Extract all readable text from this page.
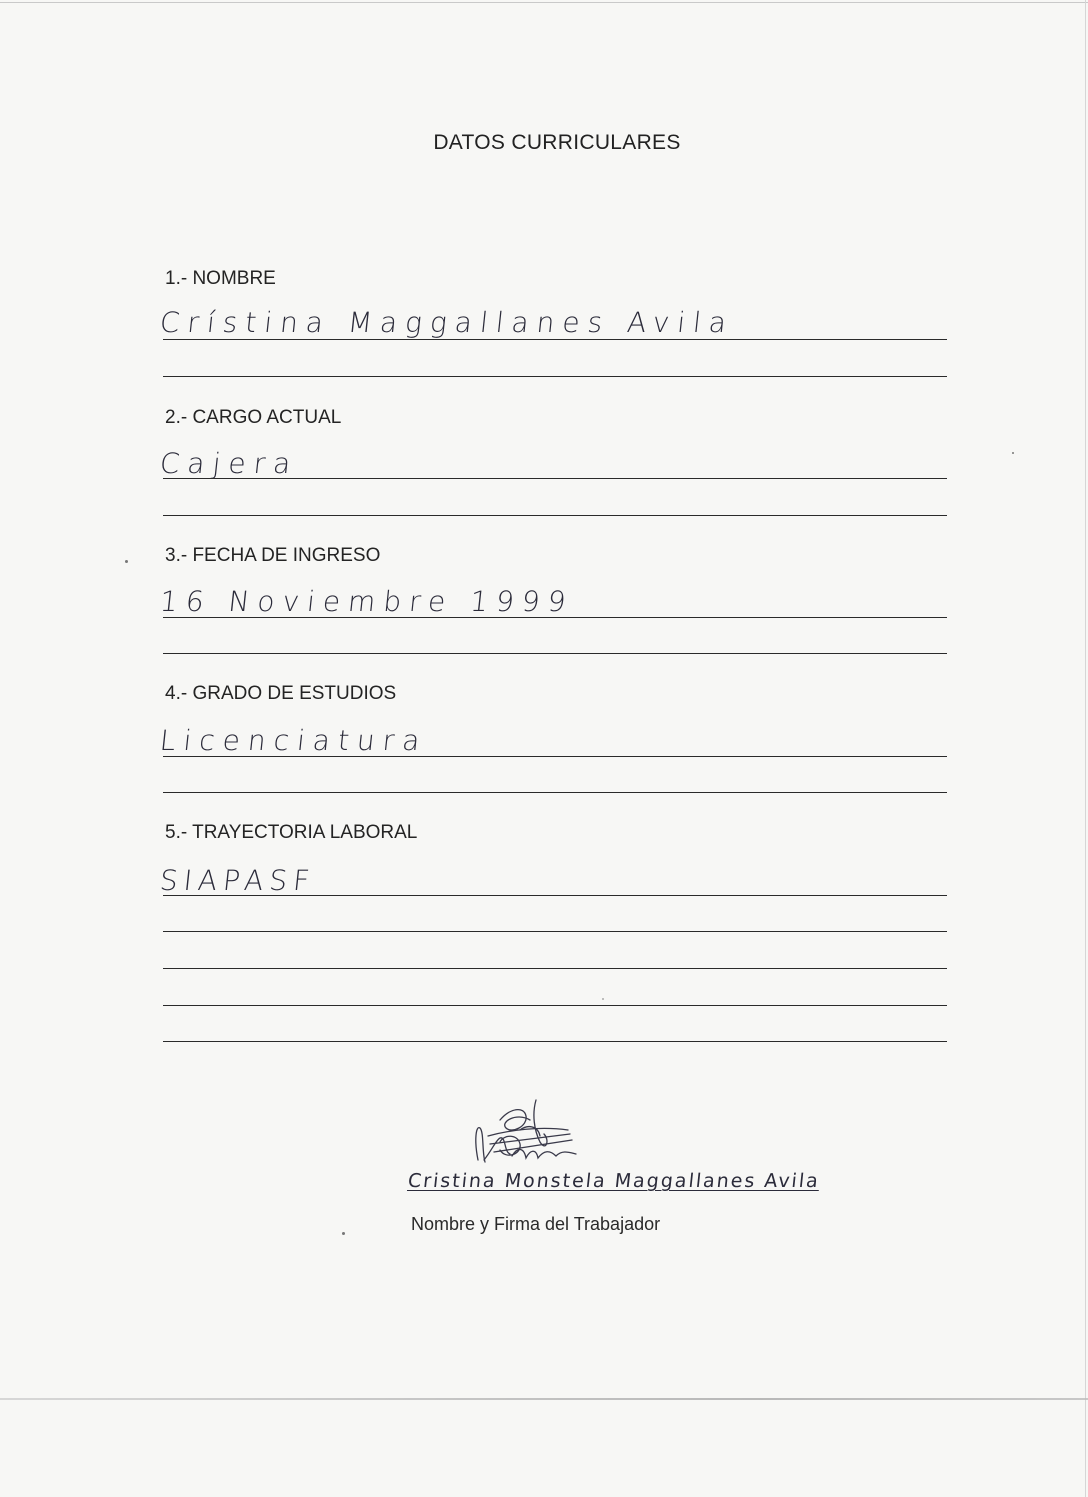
DATOS CURRICULARES
1.- NOMBRE
Crístina Maggallanes Avila
2.- CARGO ACTUAL
Cajera
3.- FECHA DE INGRESO
16 Noviembre 1999
4.- GRADO DE ESTUDIOS
Licenciatura
5.- TRAYECTORIA LABORAL
SIAPASF
Cristina Monstela Maggallanes Avila
Nombre y Firma del Trabajador
